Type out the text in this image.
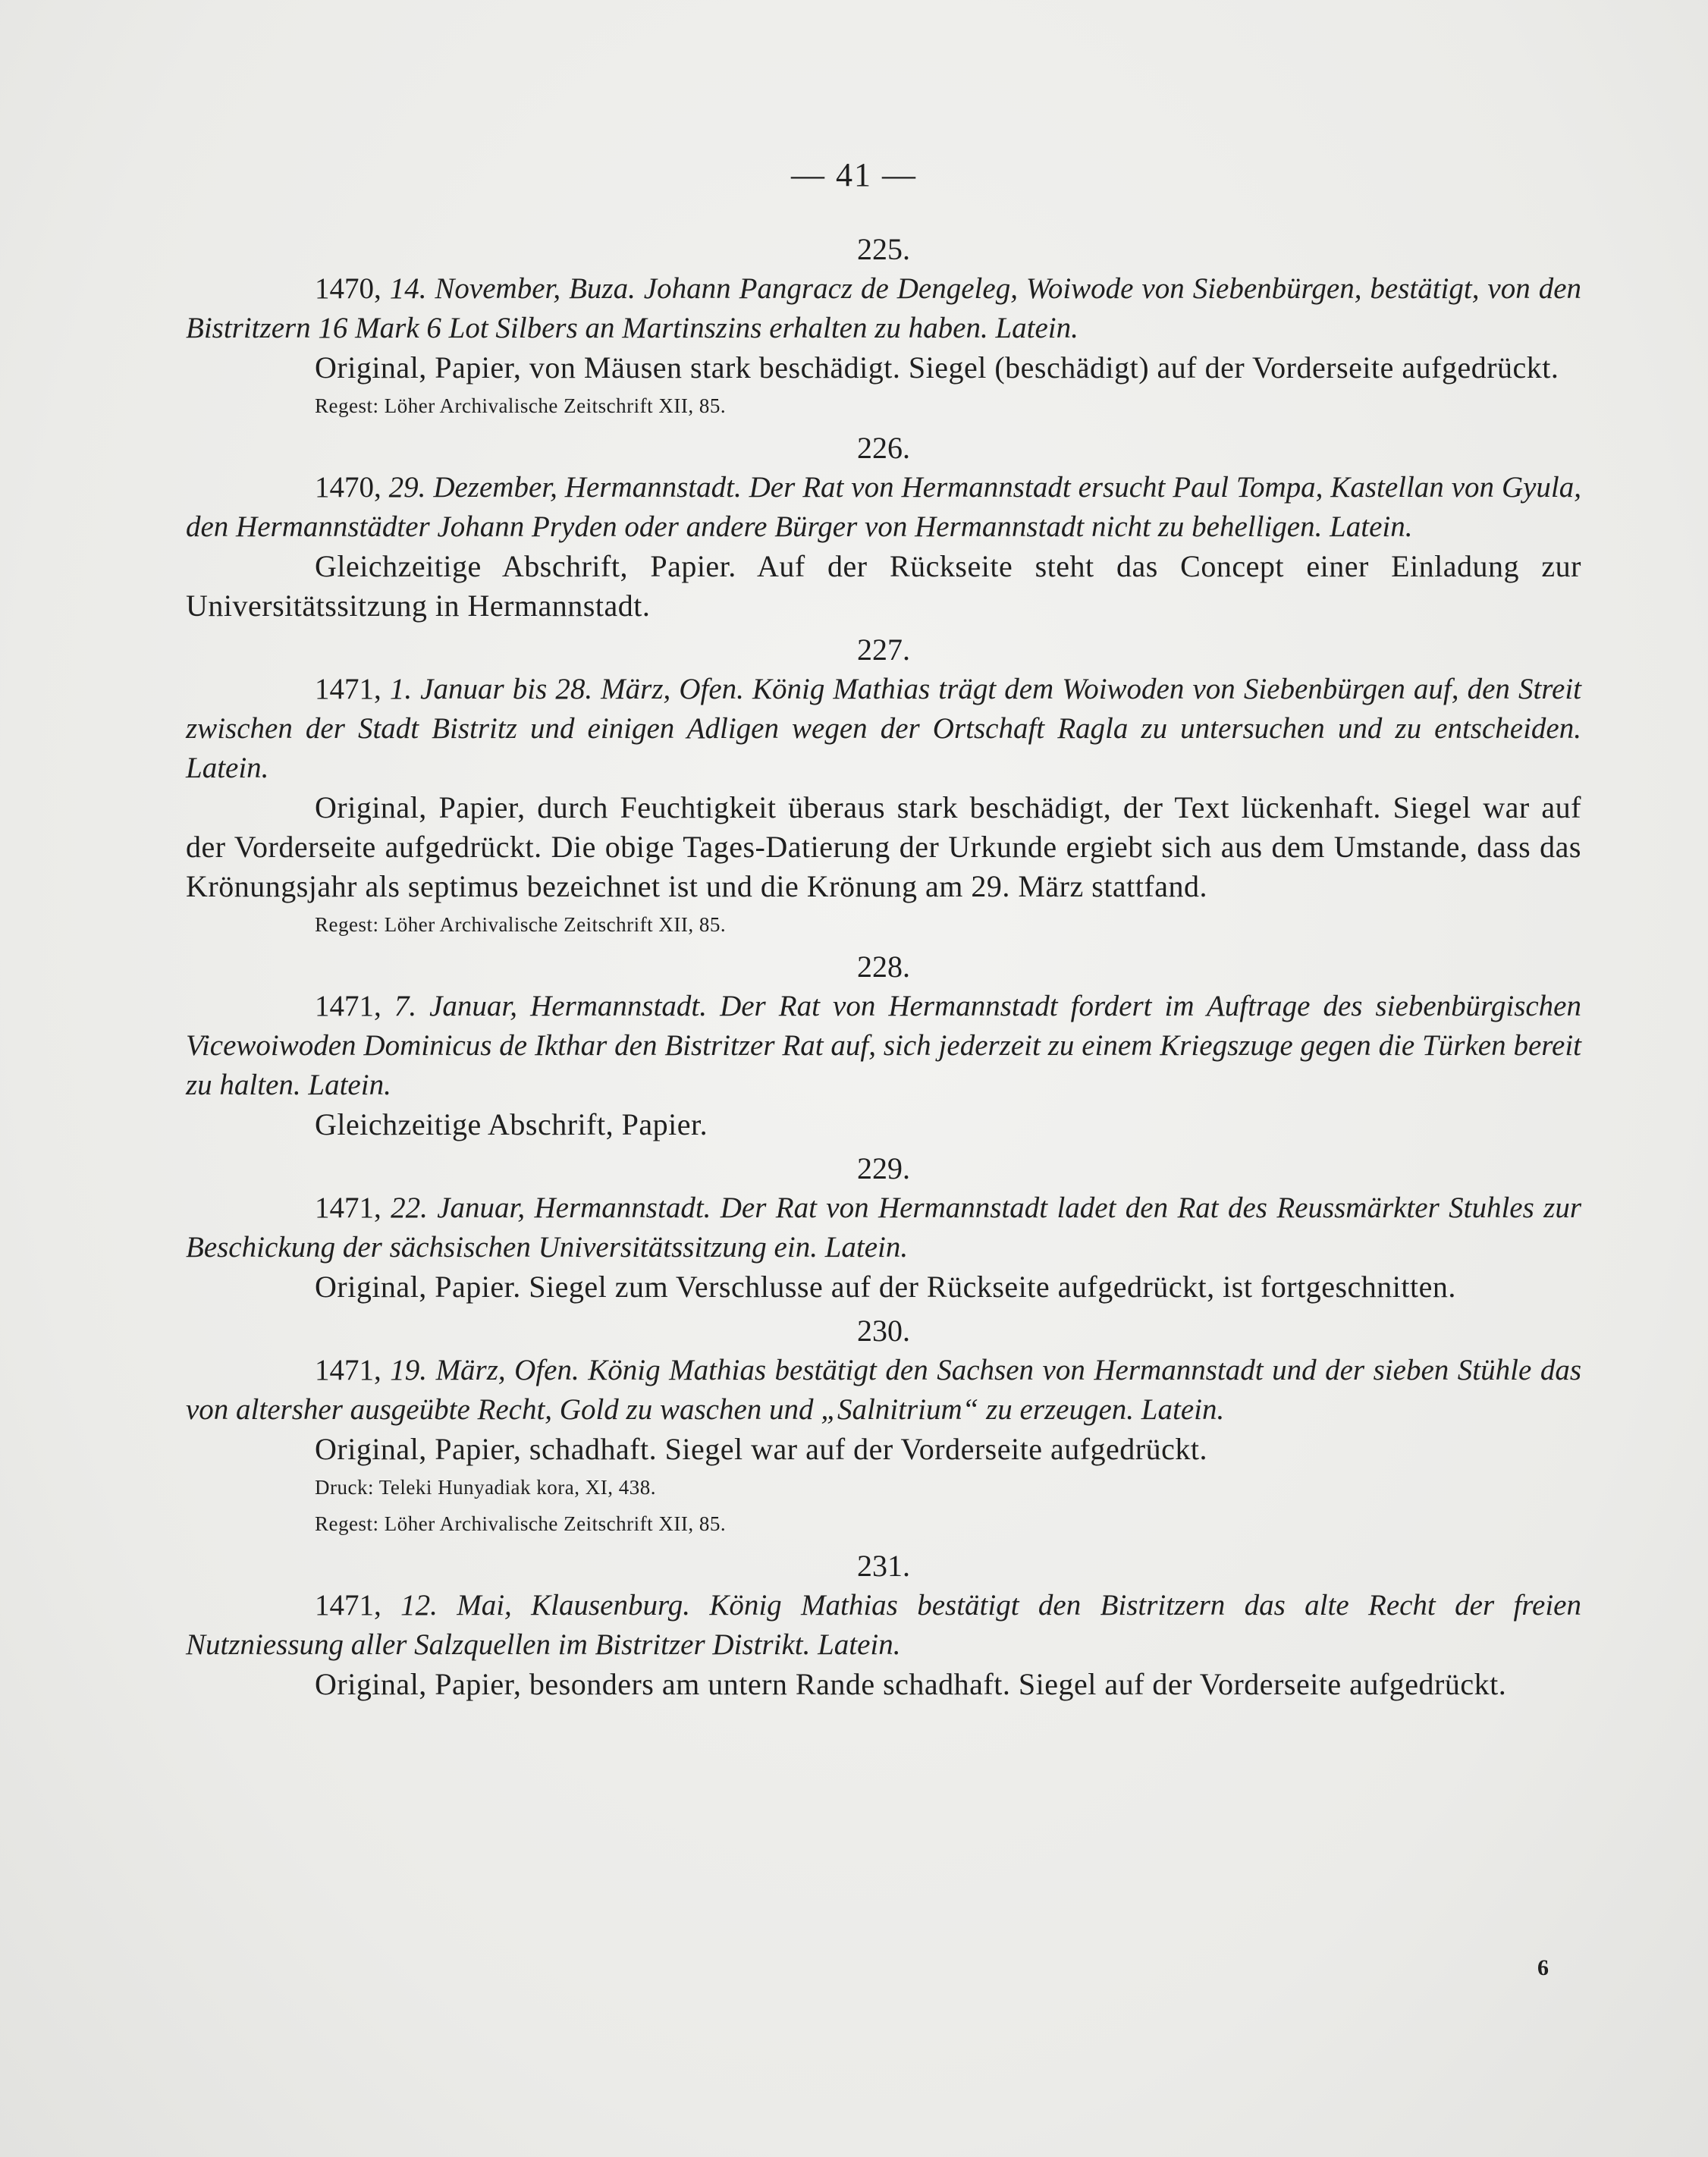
— 41 —

225.

1470, 14. November, Buza. Johann Pangracz de Dengeleg, Woiwode von Siebenbürgen, bestätigt, von den Bistritzern 16 Mark 6 Lot Silbers an Martinszins erhalten zu haben. Latein.

Original, Papier, von Mäusen stark beschädigt. Siegel (beschädigt) auf der Vorderseite aufgedrückt.

Regest: Löher Archivalische Zeitschrift XII, 85.

226.

1470, 29. Dezember, Hermannstadt. Der Rat von Hermannstadt ersucht Paul Tompa, Kastellan von Gyula, den Hermannstädter Johann Pryden oder andere Bürger von Hermannstadt nicht zu behelligen. Latein.

Gleichzeitige Abschrift, Papier. Auf der Rückseite steht das Concept einer Einladung zur Universitätssitzung in Hermannstadt.

227.

1471, 1. Januar bis 28. März, Ofen. König Mathias trägt dem Woiwoden von Siebenbürgen auf, den Streit zwischen der Stadt Bistritz und einigen Adligen wegen der Ortschaft Ragla zu untersuchen und zu entscheiden. Latein.

Original, Papier, durch Feuchtigkeit überaus stark beschädigt, der Text lückenhaft. Siegel war auf der Vorderseite aufgedrückt. Die obige Tages-Datierung der Urkunde ergiebt sich aus dem Umstande, dass das Krönungsjahr als septimus bezeichnet ist und die Krönung am 29. März stattfand.

Regest: Löher Archivalische Zeitschrift XII, 85.

228.

1471, 7. Januar, Hermannstadt. Der Rat von Hermannstadt fordert im Auftrage des siebenbürgischen Vicewoiwoden Dominicus de Ikthar den Bistritzer Rat auf, sich jederzeit zu einem Kriegszuge gegen die Türken bereit zu halten. Latein.

Gleichzeitige Abschrift, Papier.

229.

1471, 22. Januar, Hermannstadt. Der Rat von Hermannstadt ladet den Rat des Reussmärkter Stuhles zur Beschickung der sächsischen Universitätssitzung ein. Latein.

Original, Papier. Siegel zum Verschlusse auf der Rückseite aufgedrückt, ist fortgeschnitten.

230.

1471, 19. März, Ofen. König Mathias bestätigt den Sachsen von Hermannstadt und der sieben Stühle das von altersher ausgeübte Recht, Gold zu waschen und „Salnitrium“ zu erzeugen. Latein.

Original, Papier, schadhaft. Siegel war auf der Vorderseite aufgedrückt.

Druck: Teleki Hunyadiak kora, XI, 438.

Regest: Löher Archivalische Zeitschrift XII, 85.

231.

1471, 12. Mai, Klausenburg. König Mathias bestätigt den Bistritzern das alte Recht der freien Nutzniessung aller Salzquellen im Bistritzer Distrikt. Latein.

Original, Papier, besonders am untern Rande schadhaft. Siegel auf der Vorderseite aufgedrückt.

6
